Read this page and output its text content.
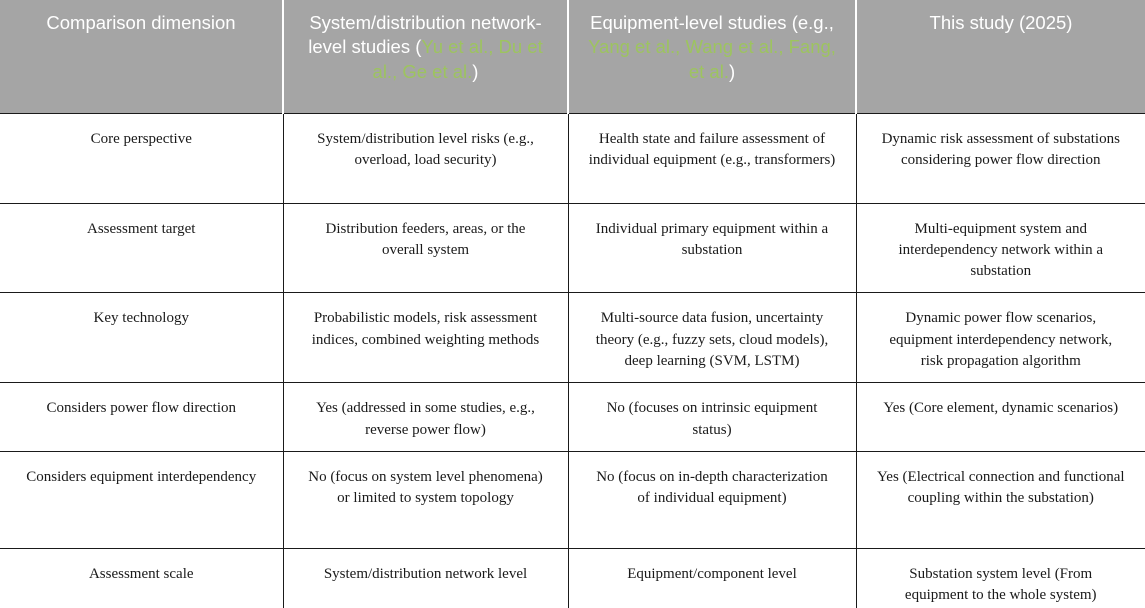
Comparison dimension	System/distribution network-level studies (Yu et al., Du et al., Ge et al.)	Equipment-level studies (e.g., Yang et al., Wang et al., Fang, et al.)	This study (2025)
Core perspective	System/distribution level risks (e.g., overload, load security)	Health state and failure assessment of individual equipment (e.g., transformers)	Dynamic risk assessment of substations considering power flow direction
Assessment target	Distribution feeders, areas, or the overall system	Individual primary equipment within a substation	Multi-equipment system and interdependency network within a substation
Key technology	Probabilistic models, risk assessment indices, combined weighting methods	Multi-source data fusion, uncertainty theory (e.g., fuzzy sets, cloud models), deep learning (SVM, LSTM)	Dynamic power flow scenarios, equipment interdependency network, risk propagation algorithm
Considers power flow direction	Yes (addressed in some studies, e.g., reverse power flow)	No (focuses on intrinsic equipment status)	Yes (Core element, dynamic scenarios)
Considers equipment interdependency	No (focus on system level phenomena) or limited to system topology	No (focus on in-depth characterization of individual equipment)	Yes (Electrical connection and functional coupling within the substation)
Assessment scale	System/distribution network level	Equipment/component level	Substation system level (From equipment to the whole system)
